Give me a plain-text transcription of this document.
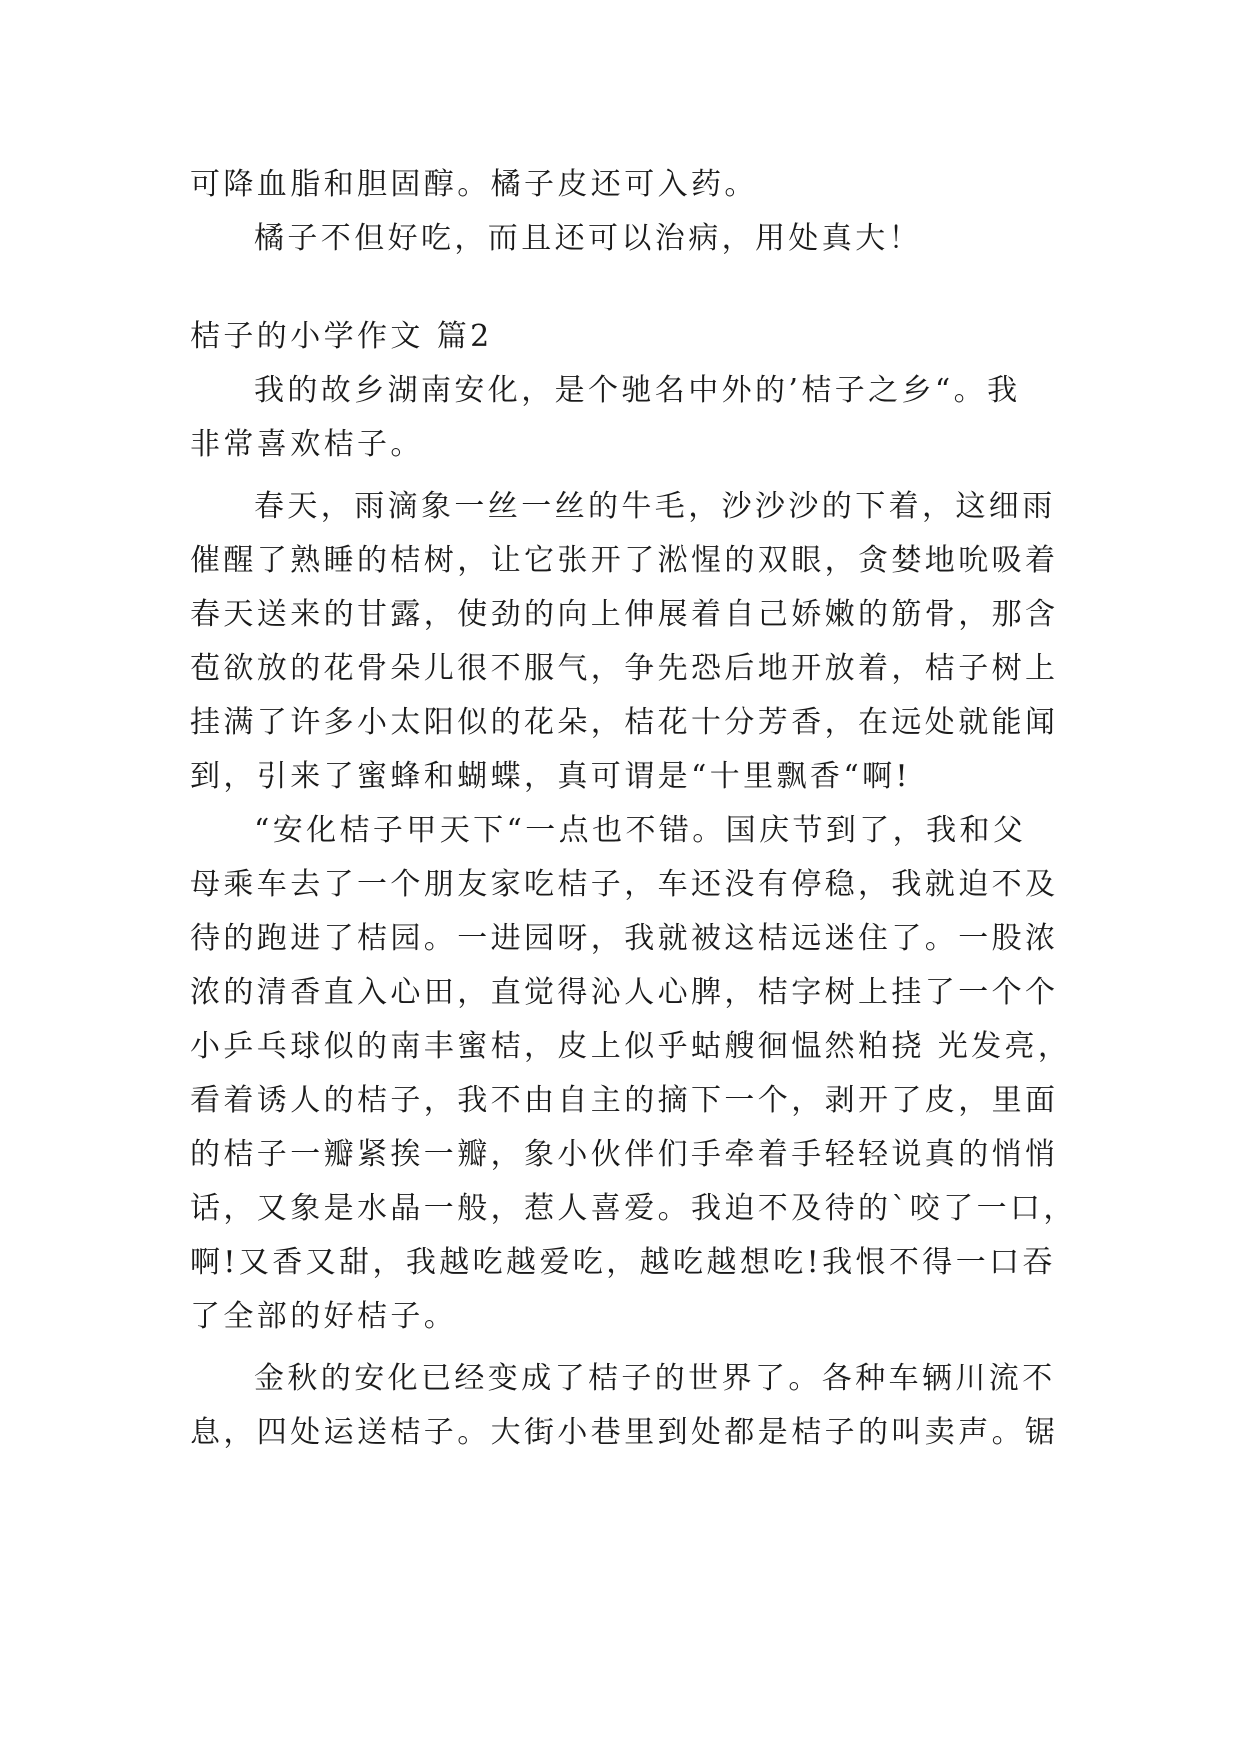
可降血脂和胆固醇。橘子皮还可入药。
橘子不但好吃，而且还可以治病，用处真大！
桔子的小学作文 篇2
我的故乡湖南安化，是个驰名中外的’桔子之乡“。我
非常喜欢桔子。
春天，雨滴象一丝一丝的牛毛，沙沙沙的下着，这细雨
催醒了熟睡的桔树，让它张开了淞惺的双眼，贪婪地吮吸着
春天送来的甘露，使劲的向上伸展着自己娇嫩的筋骨，那含
苞欲放的花骨朵儿很不服气，争先恐后地开放着，桔子树上
挂满了许多小太阳似的花朵，桔花十分芳香，在远处就能闻
到，引来了蜜蜂和蝴蝶，真可谓是“十里飘香“啊!
“安化桔子甲天下“一点也不错。国庆节到了，我和父
母乘车去了一个朋友家吃桔子，车还没有停稳，我就迫不及
待的跑进了桔园。一进园呀，我就被这桔远迷住了。一股浓
浓的清香直入心田，直觉得沁人心脾，桔字树上挂了一个个
小乒乓球似的南丰蜜桔，皮上似乎蛄艘徊愠然粕挠 光发亮，
看着诱人的桔子，我不由自主的摘下一个，剥开了皮，里面
的桔子一瓣紧挨一瓣，象小伙伴们手牵着手轻轻说真的悄悄
话，又象是水晶一般，惹人喜爱。我迫不及待的`咬了一口，
啊!又香又甜，我越吃越爱吃，越吃越想吃!我恨不得一口吞
了全部的好桔子。
金秋的安化已经变成了桔子的世界了。各种车辆川流不
息，四处运送桔子。大街小巷里到处都是桔子的叫卖声。锯
